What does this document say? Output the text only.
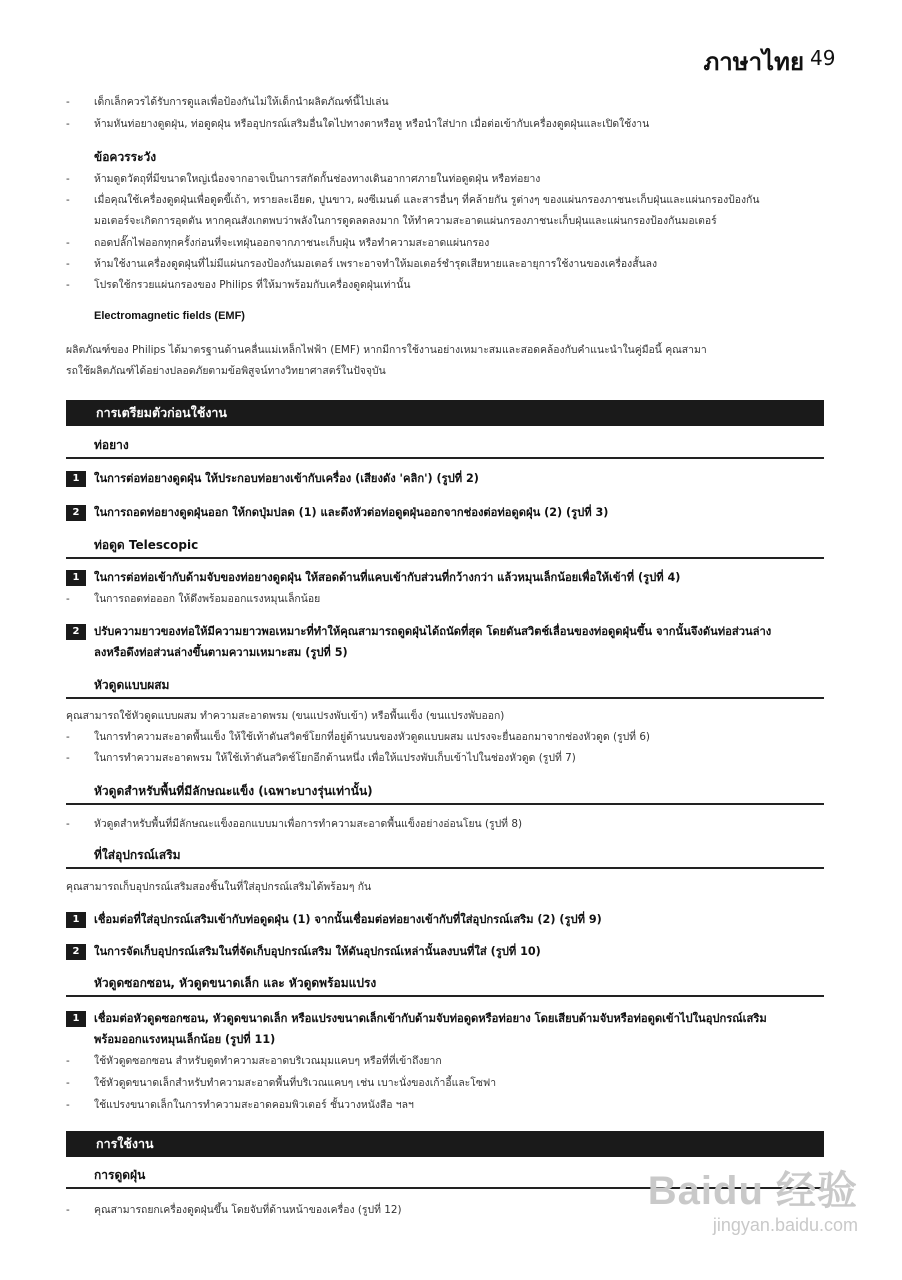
ภาษาไทย 49
- เด็กเล็กควรได้รับการดูแลเพื่อป้องกันไม่ให้เด็กนำผลิตภัณฑ์นี้ไปเล่น
- ห้ามหันท่อยางดูดฝุ่น, ท่อดูดฝุ่น หรืออุปกรณ์เสริมอื่นใดไปทางตาหรือหู หรือนำใส่ปาก เมื่อต่อเข้ากับเครื่องดูดฝุ่นและเปิดใช้งาน
ข้อควรระวัง
- ห้ามดูดวัตถุที่มีขนาดใหญ่เนื่องจากอาจเป็นการสกัดกั้นช่องทางเดินอากาศภายในท่อดูดฝุ่น หรือท่อยาง
- เมื่อคุณใช้เครื่องดูดฝุ่นเพื่อดูดขี้เถ้า, ทรายละเอียด, ปูนขาว, ผงซีเมนต์ และสารอื่นๆ ที่คล้ายกัน รูต่างๆ ของแผ่นกรองภาชนะเก็บฝุ่นและแผ่นกรองป้องกัน
มอเตอร์จะเกิดการอุดตัน หากคุณสังเกตพบว่าพลังในการดูดลดลงมาก ให้ทำความสะอาดแผ่นกรองภาชนะเก็บฝุ่นและแผ่นกรองป้องกันมอเตอร์
- ถอดปลั๊กไฟออกทุกครั้งก่อนที่จะเทฝุ่นออกจากภาชนะเก็บฝุ่น หรือทำความสะอาดแผ่นกรอง
- ห้ามใช้งานเครื่องดูดฝุ่นที่ไม่มีแผ่นกรองป้องกันมอเตอร์ เพราะอาจทำให้มอเตอร์ชำรุดเสียหายและอายุการใช้งานของเครื่องสั้นลง
- โปรดใช้กรวยแผ่นกรองของ Philips ที่ให้มาพร้อมกับเครื่องดูดฝุ่นเท่านั้น
Electromagnetic fields (EMF)
ผลิตภัณฑ์ของ Philips ได้มาตรฐานด้านคลื่นแม่เหล็กไฟฟ้า (EMF) หากมีการใช้งานอย่างเหมาะสมและสอดคล้องกับคำแนะนำในคู่มือนี้ คุณสามา
รถใช้ผลิตภัณฑ์ได้อย่างปลอดภัยตามข้อพิสูจน์ทางวิทยาศาสตร์ในปัจจุบัน
การเตรียมตัวก่อนใช้งาน
ท่อยาง
1	ในการต่อท่อยางดูดฝุ่น ให้ประกอบท่อยางเข้ากับเครื่อง (เสียงดัง 'คลิก') (รูปที่ 2)
2	ในการถอดท่อยางดูดฝุ่นออก ให้กดปุ่มปลด (1) และดึงหัวต่อท่อดูดฝุ่นออกจากช่องต่อท่อดูดฝุ่น (2) (รูปที่ 3)
ท่อดูด Telescopic
1	ในการต่อท่อเข้ากับด้ามจับของท่อยางดูดฝุ่น ให้สอดด้านที่แคบเข้ากับส่วนที่กว้างกว่า แล้วหมุนเล็กน้อยเพื่อให้เข้าที่ (รูปที่ 4)
- ในการถอดท่อออก ให้ดึงพร้อมออกแรงหมุนเล็กน้อย
2	ปรับความยาวของท่อให้มีความยาวพอเหมาะที่ทำให้คุณสามารถดูดฝุ่นได้ถนัดที่สุด โดยดันสวิตช์เลื่อนของท่อดูดฝุ่นขึ้น จากนั้นจึงดันท่อส่วนล่าง
ลงหรือดึงท่อส่วนล่างขึ้นตามความเหมาะสม (รูปที่ 5)
หัวดูดแบบผสม
คุณสามารถใช้หัวดูดแบบผสม ทำความสะอาดพรม (ขนแปรงพับเข้า) หรือพื้นแข็ง (ขนแปรงพับออก)
- ในการทำความสะอาดพื้นแข็ง ให้ใช้เท้าดันสวิตช์โยกที่อยู่ด้านบนของหัวดูดแบบผสม แปรงจะยื่นออกมาจากช่องหัวดูด (รูปที่ 6)
- ในการทำความสะอาดพรม ให้ใช้เท้าดันสวิตช์โยกอีกด้านหนึ่ง เพื่อให้แปรงพับเก็บเข้าไปในช่องหัวดูด (รูปที่ 7)
หัวดูดสำหรับพื้นที่มีลักษณะแข็ง (เฉพาะบางรุ่นเท่านั้น)
- หัวดูดสำหรับพื้นที่มีลักษณะแข็งออกแบบมาเพื่อการทำความสะอาดพื้นแข็งอย่างอ่อนโยน (รูปที่ 8)
ที่ใส่อุปกรณ์เสริม
คุณสามารถเก็บอุปกรณ์เสริมสองชิ้นในที่ใส่อุปกรณ์เสริมได้พร้อมๆ กัน
1	เชื่อมต่อที่ใส่อุปกรณ์เสริมเข้ากับท่อดูดฝุ่น (1) จากนั้นเชื่อมต่อท่อยางเข้ากับที่ใส่อุปกรณ์เสริม (2) (รูปที่ 9)
2	ในการจัดเก็บอุปกรณ์เสริมในที่จัดเก็บอุปกรณ์เสริม ให้ดันอุปกรณ์เหล่านั้นลงบนที่ใส่ (รูปที่ 10)
หัวดูดซอกซอน, หัวดูดขนาดเล็ก และ หัวดูดพร้อมแปรง
1	เชื่อมต่อหัวดูดซอกซอน, หัวดูดขนาดเล็ก หรือแปรงขนาดเล็กเข้ากับด้ามจับท่อดูดหรือท่อยาง โดยเสียบด้ามจับหรือท่อดูดเข้าไปในอุปกรณ์เสริม
พร้อมออกแรงหมุนเล็กน้อย (รูปที่ 11)
- ใช้หัวดูดซอกซอน สำหรับดูดทำความสะอาดบริเวณมุมแคบๆ หรือที่ที่เข้าถึงยาก
- ใช้หัวดูดขนาดเล็กสำหรับทำความสะอาดพื้นที่บริเวณแคบๆ เช่น เบาะนั่งของเก้าอี้และโซฟา
- ใช้แปรงขนาดเล็กในการทำความสะอาดคอมพิวเตอร์ ชั้นวางหนังสือ ฯลฯ
การใช้งาน
การดูดฝุ่น
- คุณสามารถยกเครื่องดูดฝุ่นขึ้น โดยจับที่ด้านหน้าของเครื่อง (รูปที่ 12)	Baidu 经验
jingyan.baidu.com
